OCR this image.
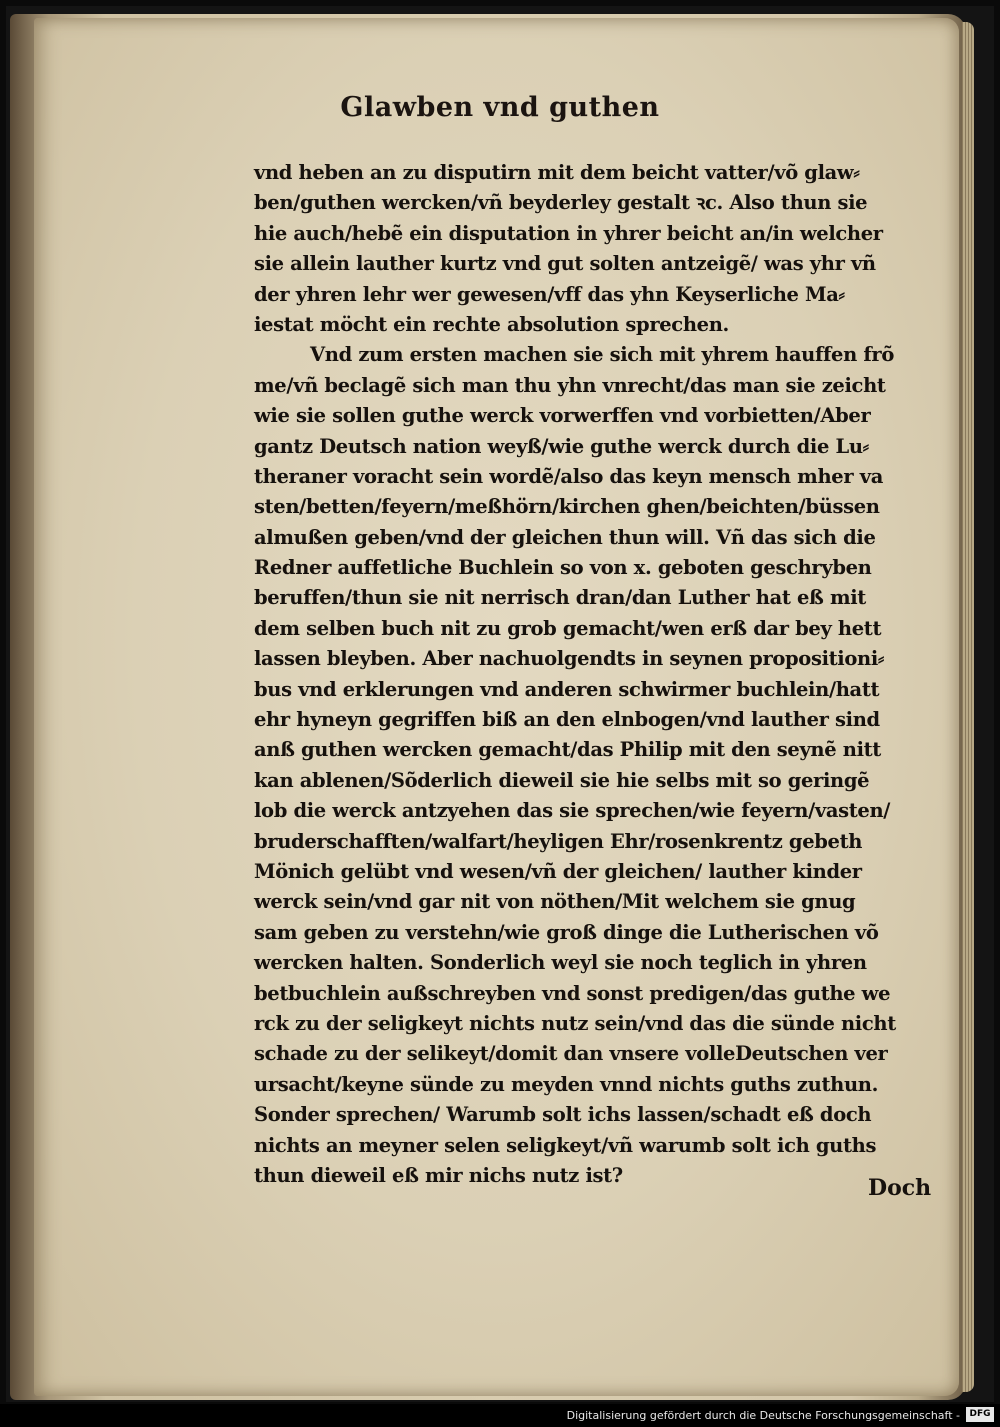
Glawben vnd guthen
vnd heben an zu disputirn mit dem beicht vatter/võ glaw⸗
ben/guthen wercken/vñ beyderley gestalt ꝛc. Also thun sie
hie auch/hebẽ ein disputation in yhrer beicht an/in welcher
sie allein lauther kurtz vnd gut solten antzeigẽ/ was yhr vñ
der yhren lehr wer gewesen/vff das yhn Keyserliche Ma⸗
iestat möcht ein rechte absolution sprechen.
Vnd zum ersten machen sie sich mit yhrem hauffen frõ
me/vñ beclagẽ sich man thu yhn vnrecht/das man sie zeicht
wie sie sollen guthe werck vorwerffen vnd vorbietten/Aber
gantz Deutsch nation weyß/wie guthe werck durch die Lu⸗
theraner voracht sein wordẽ/also das keyn mensch mher va
sten/betten/feyern/meßhörn/kirchen ghen/beichten/büssen
almußen geben/vnd der gleichen thun will. Vñ das sich die
Redner auffetliche Buchlein so von x. geboten geschryben
beruffen/thun sie nit nerrisch dran/dan Luther hat eß mit
dem selben buch nit zu grob gemacht/wen erß dar bey hett
lassen bleyben. Aber nachuolgendts in seynen propositioni⸗
bus vnd erklerungen vnd anderen schwirmer buchlein/hatt
ehr hyneyn gegriffen biß an den elnbogen/vnd lauther sind
anß guthen wercken gemacht/das Philip mit den seynẽ nitt
kan ablenen/Sõderlich dieweil sie hie selbs mit so geringẽ
lob die werck antzyehen das sie sprechen/wie feyern/vasten/
bruderschafften/walfart/heyligen Ehr/rosenkrentz gebeth
Mönich gelübt vnd wesen/vñ der gleichen/ lauther kinder
werck sein/vnd gar nit von nöthen/Mit welchem sie gnug
sam geben zu verstehn/wie groß dinge die Lutherischen võ
wercken halten. Sonderlich weyl sie noch teglich in yhren
betbuchlein außschreyben vnd sonst predigen/das guthe we
rck zu der seligkeyt nichts nutz sein/vnd das die sünde nicht
schade zu der selikeyt/domit dan vnsere volleDeutschen ver
ursacht/keyne sünde zu meyden vnnd nichts guths zuthun.
Sonder sprechen/ Warumb solt ichs lassen/schadt eß doch
nichts an meyner selen seligkeyt/vñ warumb solt ich guths
thun dieweil eß mir nichs nutz ist?	Doch
Digitalisierung gefördert durch die Deutsche Forschungsgemeinschaft -	DFG
